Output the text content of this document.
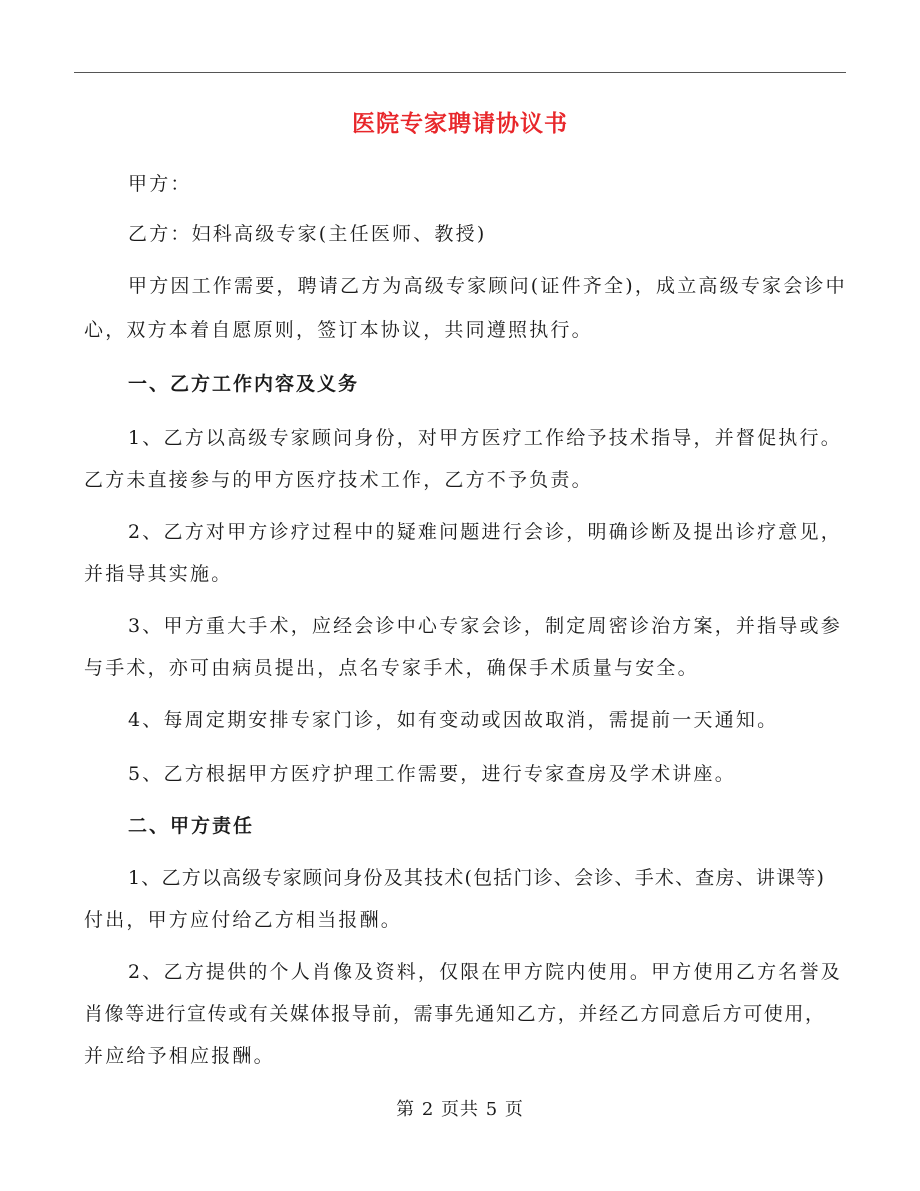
医院专家聘请协议书
甲方：
乙方：妇科高级专家(主任医师、教授)
甲方因工作需要，聘请乙方为高级专家顾问(证件齐全)，成立高级专家会诊中
心，双方本着自愿原则，签订本协议，共同遵照执行。
一、乙方工作内容及义务
1、乙方以高级专家顾问身份，对甲方医疗工作给予技术指导，并督促执行。
乙方未直接参与的甲方医疗技术工作，乙方不予负责。
2、乙方对甲方诊疗过程中的疑难问题进行会诊，明确诊断及提出诊疗意见，
并指导其实施。
3、甲方重大手术，应经会诊中心专家会诊，制定周密诊治方案，并指导或参
与手术，亦可由病员提出，点名专家手术，确保手术质量与安全。
4、每周定期安排专家门诊，如有变动或因故取消，需提前一天通知。
5、乙方根据甲方医疗护理工作需要，进行专家查房及学术讲座。
二、甲方责任
1、乙方以高级专家顾问身份及其技术(包括门诊、会诊、手术、查房、讲课等)
付出，甲方应付给乙方相当报酬。
2、乙方提供的个人肖像及资料，仅限在甲方院内使用。甲方使用乙方名誉及
肖像等进行宣传或有关媒体报导前，需事先通知乙方，并经乙方同意后方可使用，
并应给予相应报酬。
第 2 页共 5 页
